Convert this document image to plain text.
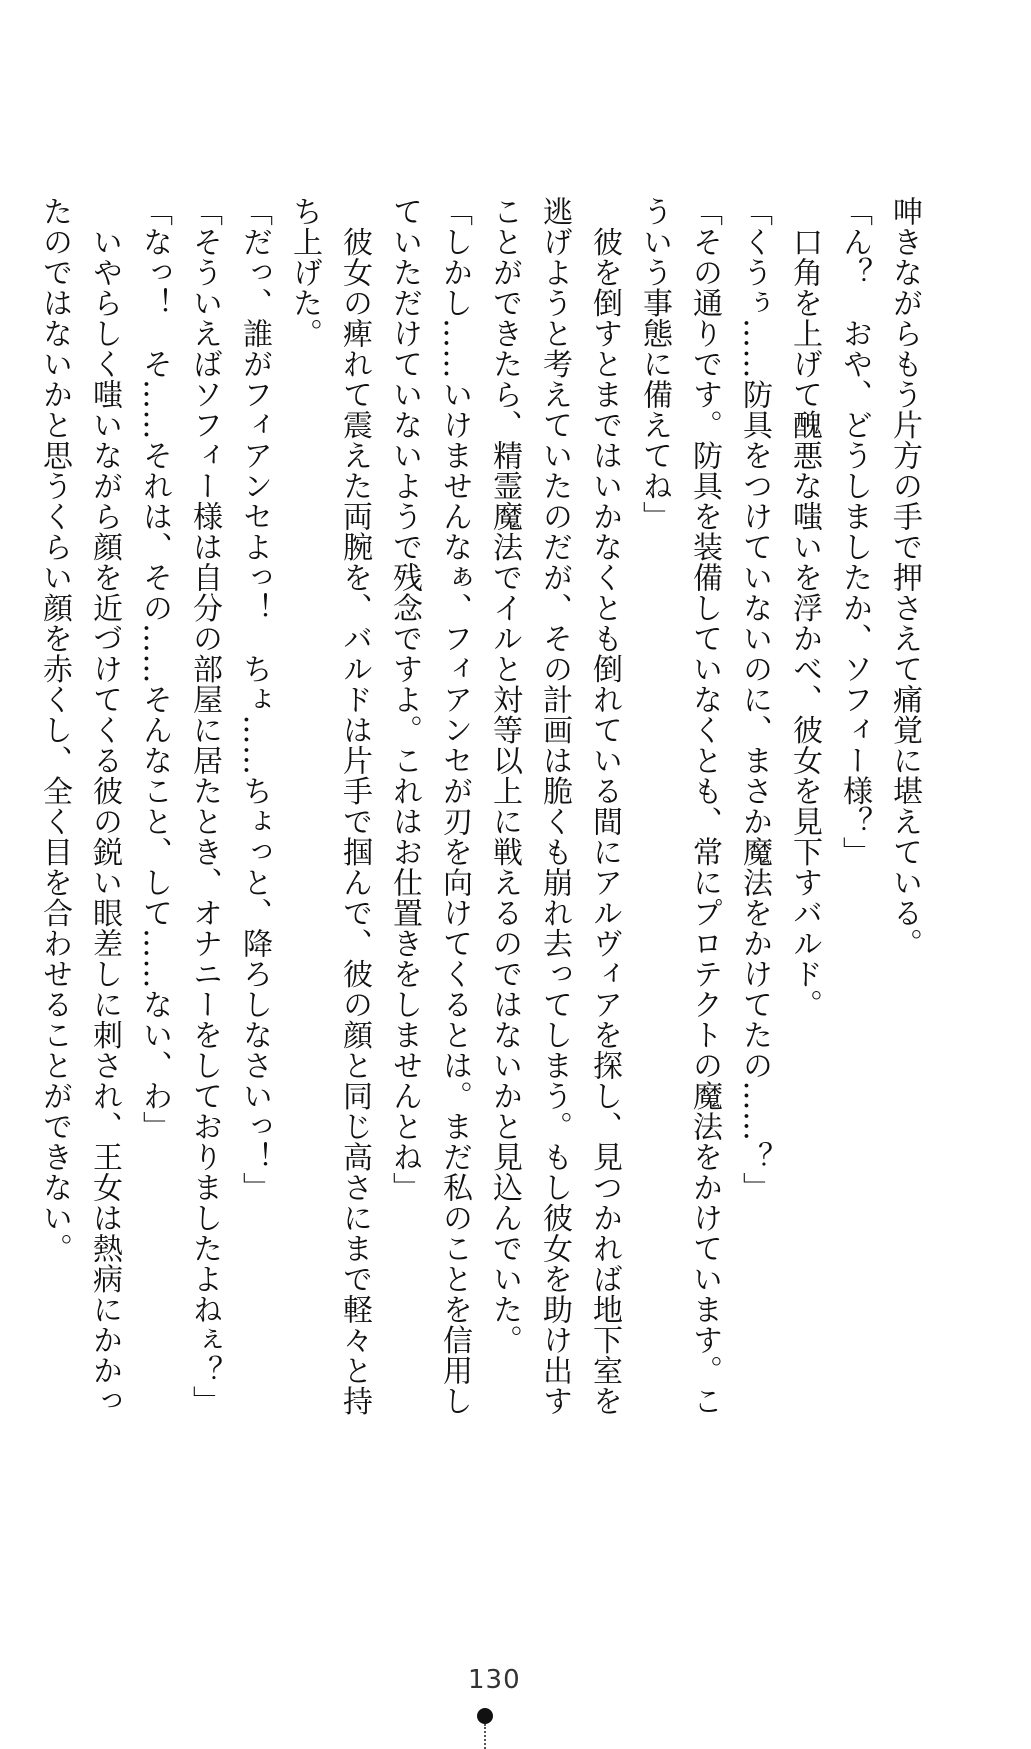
呻きながらもう片方の手で押さえて痛覚に堪えている。
「ん？　おや、どうしましたか、ソフィー様？」
　口角を上げて醜悪な嗤いを浮かべ、彼女を見下すバルド。
「くうぅ……防具をつけていないのに、まさか魔法をかけてたの……？」
「その通りです。防具を装備していなくとも、常にプロテクトの魔法をかけています。こ
ういう事態に備えてね」
　彼を倒すとまではいかなくとも倒れている間にアルヴィアを探し、見つかれば地下室を
逃げようと考えていたのだが、その計画は脆くも崩れ去ってしまう。もし彼女を助け出す
ことができたら、精霊魔法でイルと対等以上に戦えるのではないかと見込んでいた。
「しかし……いけませんなぁ、フィアンセが刃を向けてくるとは。まだ私のことを信用し
ていただけていないようで残念ですよ。これはお仕置きをしませんとね」
　彼女の痺れて震えた両腕を、バルドは片手で掴んで、彼の顔と同じ高さにまで軽々と持
ち上げた。
「だっ、誰がフィアンセよっ！　ちょ……ちょっと、降ろしなさいっ！」
「そういえばソフィー様は自分の部屋に居たとき、オナニーをしておりましたよねぇ？」
「なっ！　そ……それは、その……そんなこと、して……ない、わ」
　いやらしく嗤いながら顔を近づけてくる彼の鋭い眼差しに刺され、王女は熱病にかかっ
たのではないかと思うくらい顔を赤くし、全く目を合わせることができない。
130
